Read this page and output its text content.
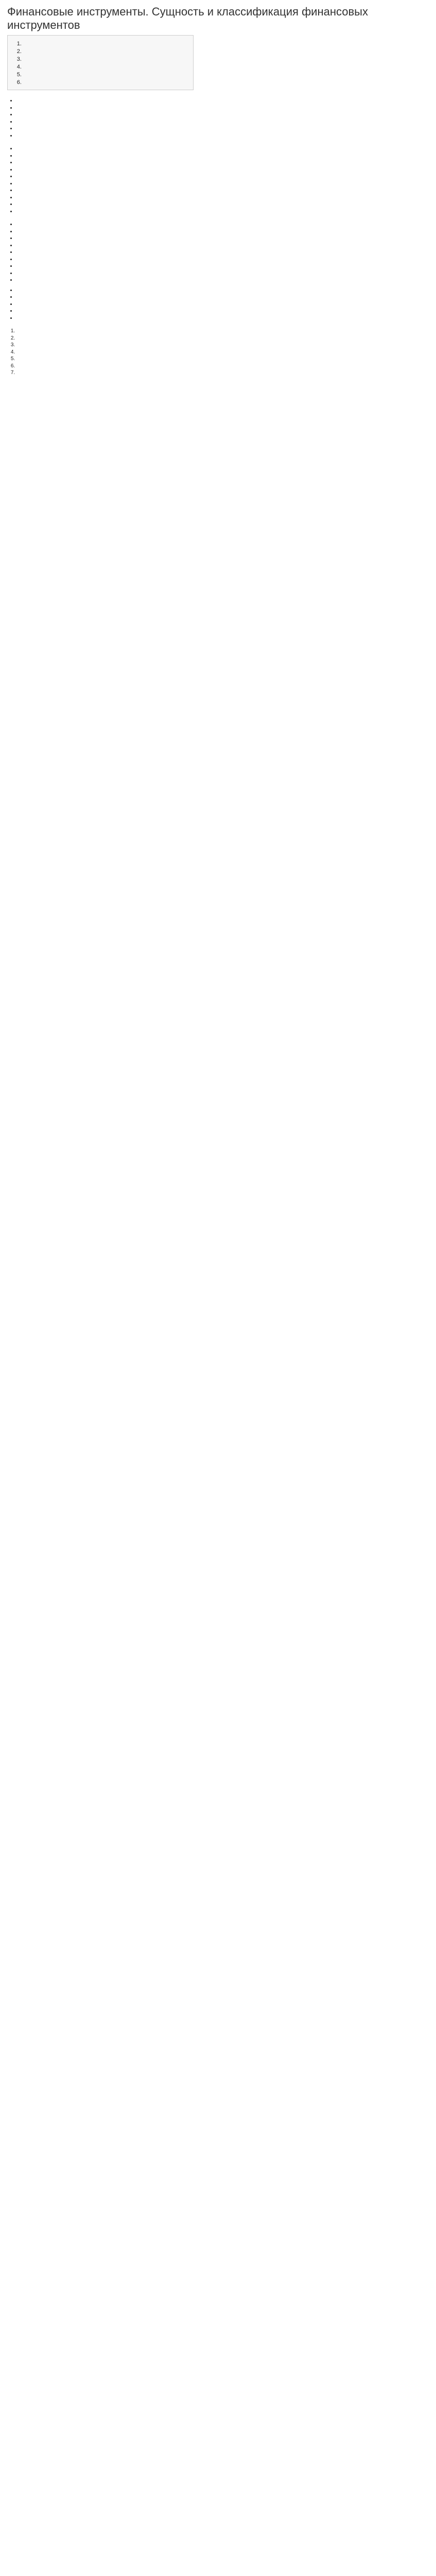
Финансовые инструменты. Сущность и классификация финансовых инструментов
1.
2.
3.
4.
5.
6.

•
•
•
•
•
•

•
•
•
•
•
•
•
•
•
•

•
•
•
•
•
•
•
•
•

•
•
•
•
•

1.
2.
3.
4.
5.
6.
7.
